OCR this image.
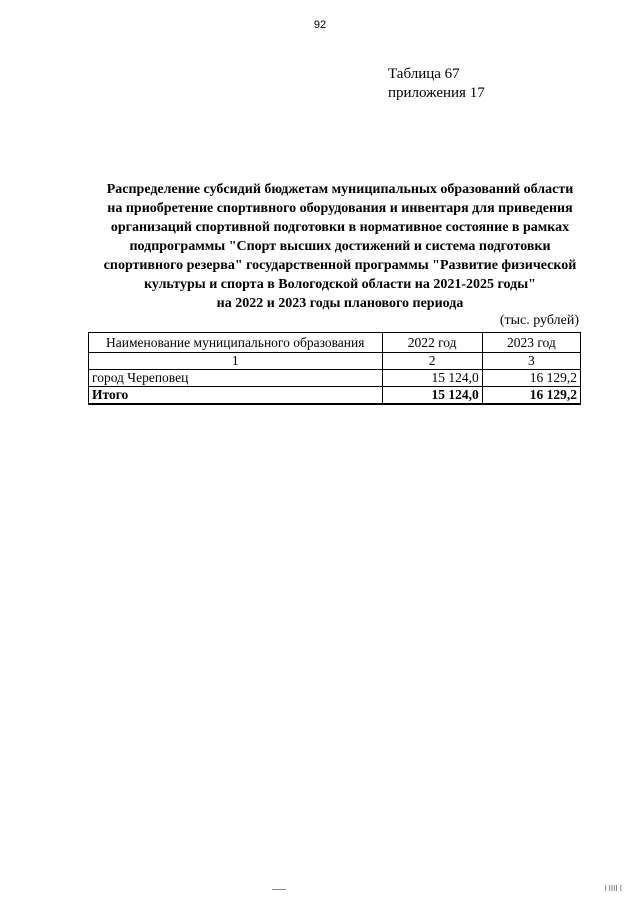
92
Таблица 67
приложения 17
Распределение субсидий бюджетам муниципальных образований области
на приобретение спортивного оборудования и инвентаря для приведения
организаций спортивной подготовки в нормативное состояние в рамках
подпрограммы "Спорт высших достижений и система подготовки
спортивного резерва" государственной программы "Развитие физической
культуры и спорта в Вологодской области на 2021-2025 годы"
на 2022 и 2023 годы планового периода
(тыс. рублей)
Наименование муниципального образования	2022 год	2023 год
1	2	3
город Череповец	15 124,0	16 129,2
Итого	15 124,0	16 129,2
I IIII I
